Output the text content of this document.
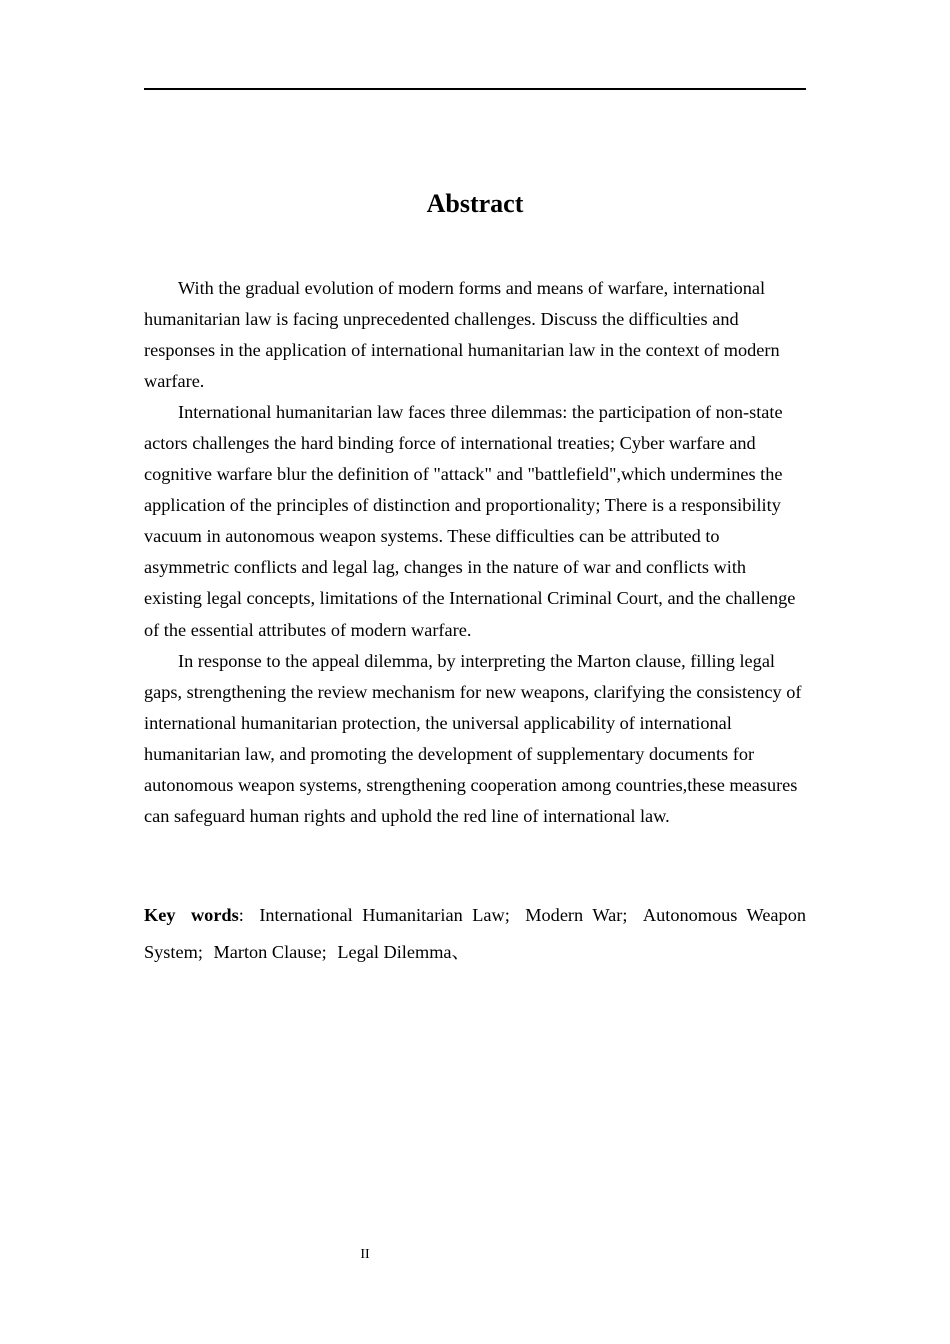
Abstract

With the gradual evolution of modern forms and means of warfare, international humanitarian law is facing unprecedented challenges. Discuss the difficulties and responses in the application of international humanitarian law in the context of modern warfare.

International humanitarian law faces three dilemmas: the participation of non-state actors challenges the hard binding force of international treaties; Cyber warfare and cognitive warfare blur the definition of "attack" and "battlefield",which undermines the application of the principles of distinction and proportionality; There is a responsibility vacuum in autonomous weapon systems. These difficulties can be attributed to asymmetric conflicts and legal lag, changes in the nature of war and conflicts with existing legal concepts, limitations of the International Criminal Court, and the challenge of the essential attributes of modern warfare.

In response to the appeal dilemma, by interpreting the Marton clause, filling legal gaps, strengthening the review mechanism for new weapons, clarifying the consistency of international humanitarian protection, the universal applicability of international humanitarian law, and promoting the development of supplementary documents for autonomous weapon systems, strengthening cooperation among countries,these measures can safeguard human rights and uphold the red line of international law.

Key words: International Humanitarian Law; Modern War; Autonomous Weapon System; Marton Clause; Legal Dilemma、
II
